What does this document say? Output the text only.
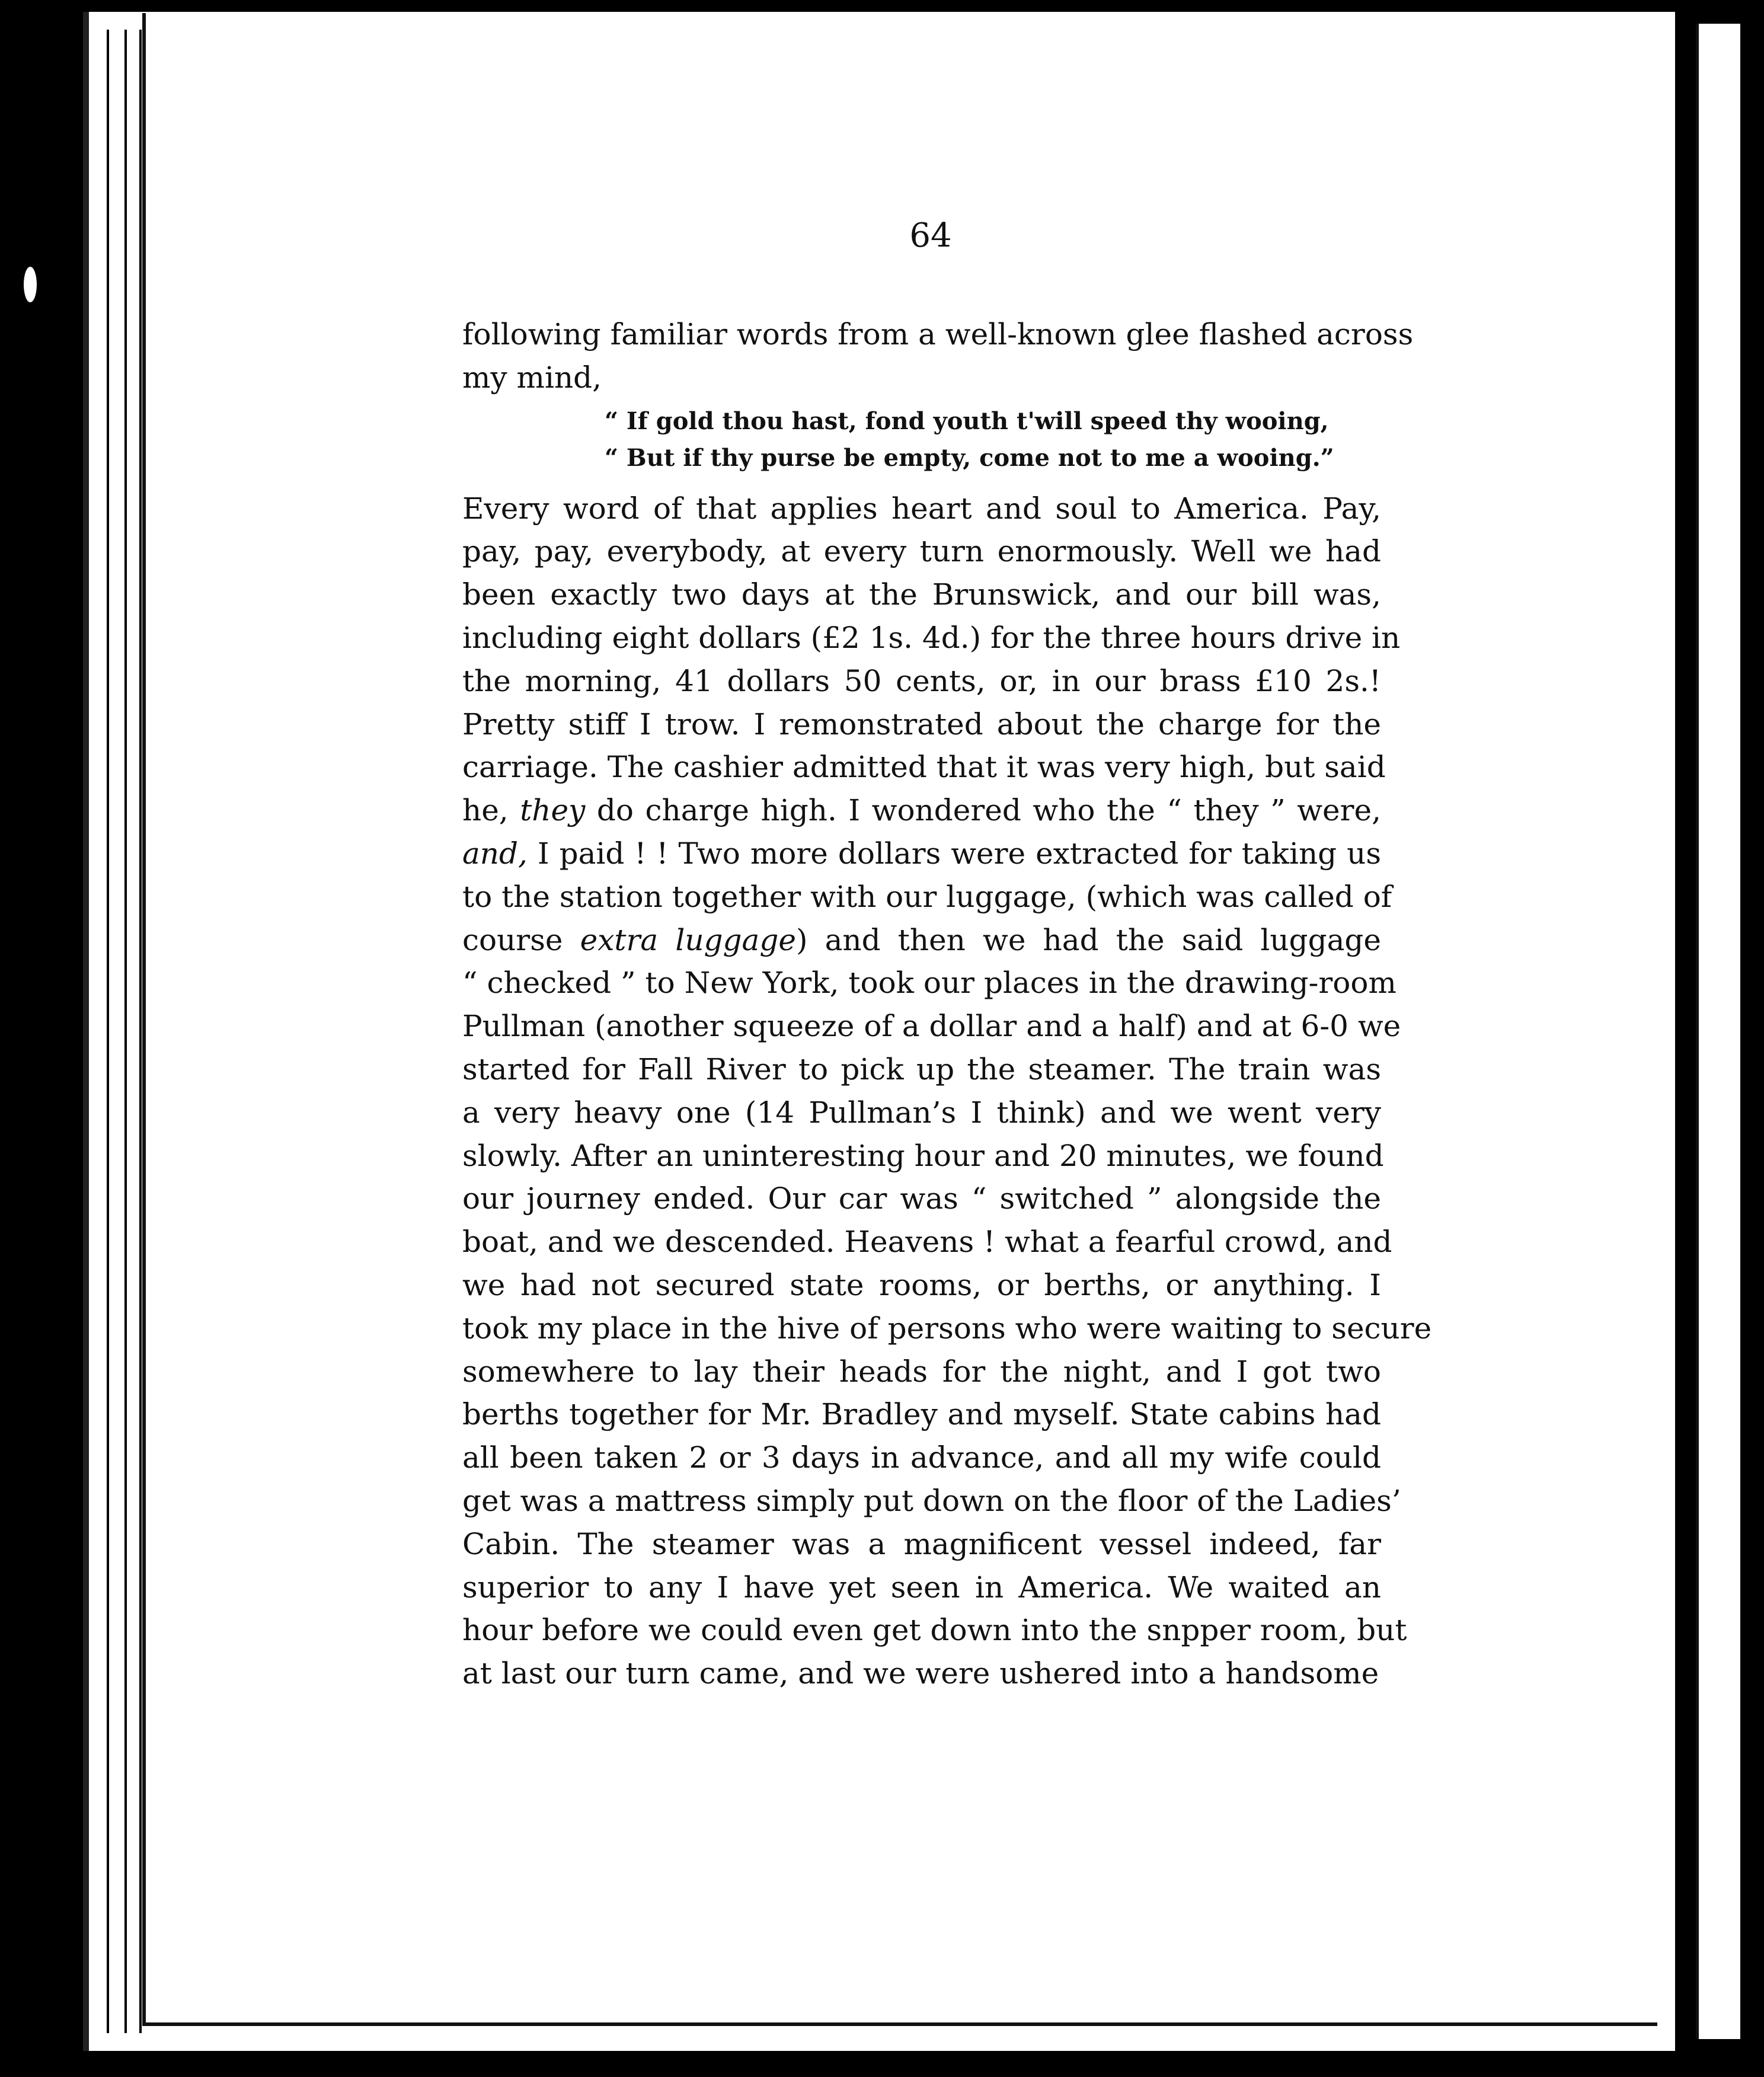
64
following familiar words from a well-known glee flashed across
my mind,
“ If gold thou hast, fond youth t'will speed thy wooing,
“ But if thy purse be empty, come not to me a wooing.”
Every word of that applies heart and soul to America. Pay,
pay, pay, everybody, at every turn enormously. Well we had
been exactly two days at the Brunswick, and our bill was,
including eight dollars (£2 1s. 4d.) for the three hours drive in
the morning, 41 dollars 50 cents, or, in our brass £10 2s.!
Pretty stiff I trow. I remonstrated about the charge for the
carriage. The cashier admitted that it was very high, but said
he, they do charge high. I wondered who the “ they ” were,
and, I paid ! ! Two more dollars were extracted for taking us
to the station together with our luggage, (which was called of
course extra luggage) and then we had the said luggage
“ checked ” to New York, took our places in the drawing-room
Pullman (another squeeze of a dollar and a half) and at 6-0 we
started for Fall River to pick up the steamer. The train was
a very heavy one (14 Pullman’s I think) and we went very
slowly. After an uninteresting hour and 20 minutes, we found
our journey ended. Our car was “ switched ” alongside the
boat, and we descended. Heavens ! what a fearful crowd, and
we had not secured state rooms, or berths, or anything. I
took my place in the hive of persons who were waiting to secure
somewhere to lay their heads for the night, and I got two
berths together for Mr. Bradley and myself. State cabins had
all been taken 2 or 3 days in advance, and all my wife could
get was a mattress simply put down on the floor of the Ladies’
Cabin. The steamer was a magnificent vessel indeed, far
superior to any I have yet seen in America. We waited an
hour before we could even get down into the snpper room, but
at last our turn came, and we were ushered into a handsome
